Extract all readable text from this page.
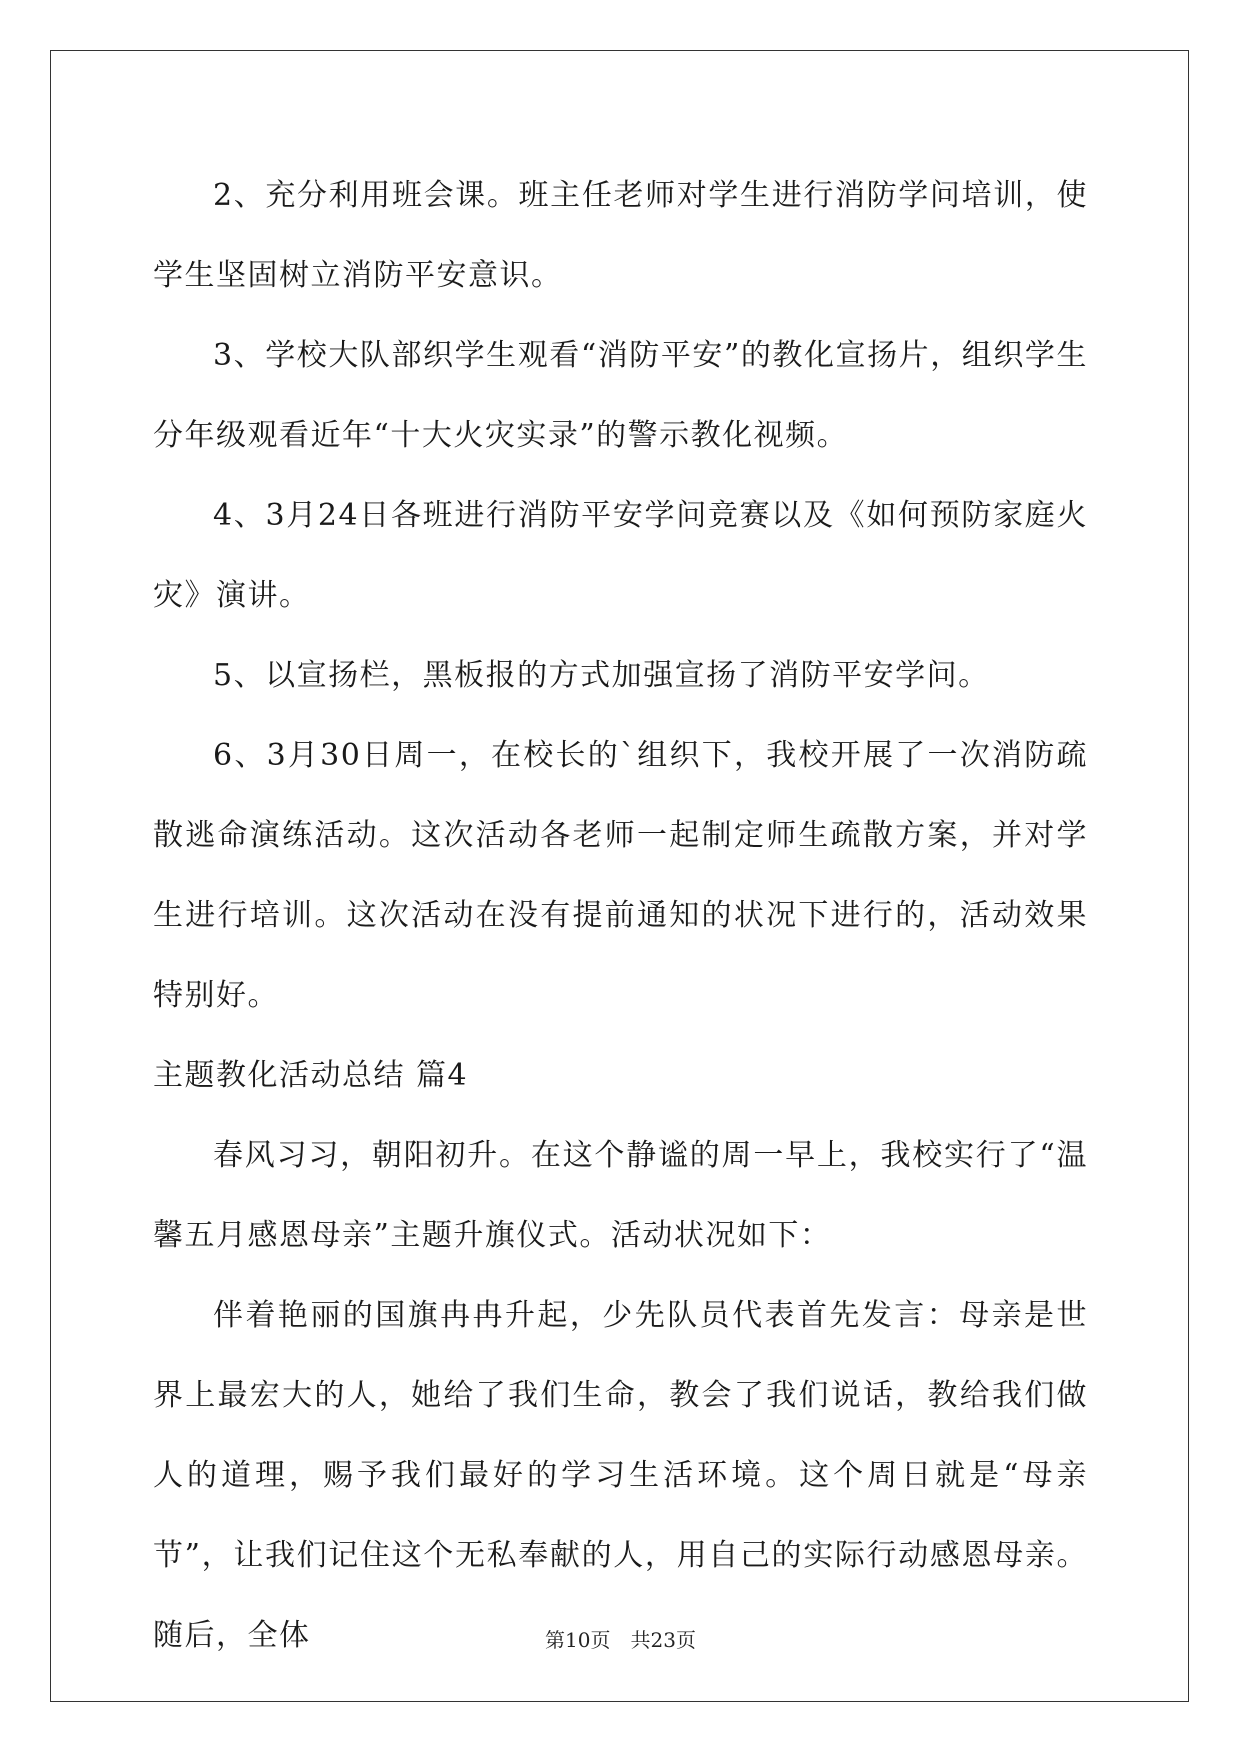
2、充分利用班会课。班主任老师对学生进行消防学问培训，使学生坚固树立消防平安意识。

3、学校大队部织学生观看“消防平安”的教化宣扬片，组织学生分年级观看近年“十大火灾实录”的警示教化视频。

4、3月24日各班进行消防平安学问竞赛以及《如何预防家庭火灾》演讲。

5、以宣扬栏，黑板报的方式加强宣扬了消防平安学问。

6、3月30日周一，在校长的`组织下，我校开展了一次消防疏散逃命演练活动。这次活动各老师一起制定师生疏散方案，并对学生进行培训。这次活动在没有提前通知的状况下进行的，活动效果特别好。

主题教化活动总结 篇4

春风习习，朝阳初升。在这个静谧的周一早上，我校实行了“温馨五月感恩母亲”主题升旗仪式。活动状况如下：

伴着艳丽的国旗冉冉升起，少先队员代表首先发言：母亲是世界上最宏大的人，她给了我们生命，教会了我们说话，教给我们做人的道理，赐予我们最好的学习生活环境。这个周日就是“母亲节”，让我们记住这个无私奉献的人，用自己的实际行动感恩母亲。随后，全体	第10页 共23页
